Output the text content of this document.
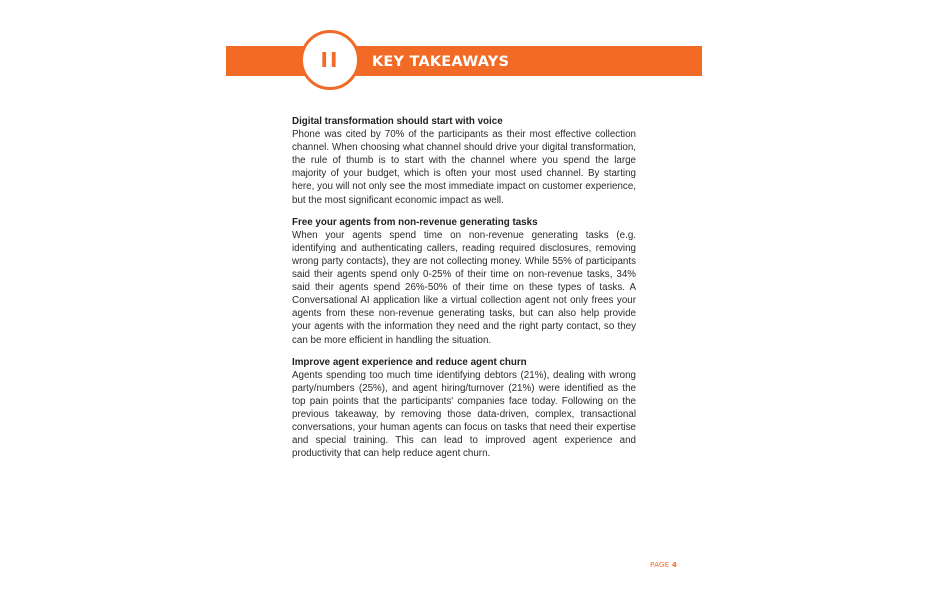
II	KEY TAKEAWAYS
Digital transformation should start with voice

Phone was cited by 70% of the participants as their most effective collection channel. When choosing what channel should drive your digital transformation, the rule of thumb is to start with the channel where you spend the large majority of your budget, which is often your most used channel. By starting here, you will not only see the most immediate impact on customer experience, but the most significant economic impact as well.

Free your agents from non-revenue generating tasks

When your agents spend time on non-revenue generating tasks (e.g. identifying and authenticating callers, reading required disclosures, removing wrong party contacts), they are not collecting money. While 55% of participants said their agents spend only 0-25% of their time on non-revenue tasks, 34% said their agents spend 26%-50% of their time on these types of tasks. A Conversational AI application like a virtual collection agent not only frees your agents from these non-revenue generating tasks, but can also help provide your agents with the information they need and the right party contact, so they can be more efficient in handling the situation.

Improve agent experience and reduce agent churn

Agents spending too much time identifying debtors (21%), dealing with wrong party/numbers (25%), and agent hiring/turnover (21%) were identified as the top pain points that the participants' companies face today. Following on the previous takeaway, by removing those data-driven, complex, transactional conversations, your human agents can focus on tasks that need their expertise and special training. This can lead to improved agent experience and productivity that can help reduce agent churn.

PAGE 4
